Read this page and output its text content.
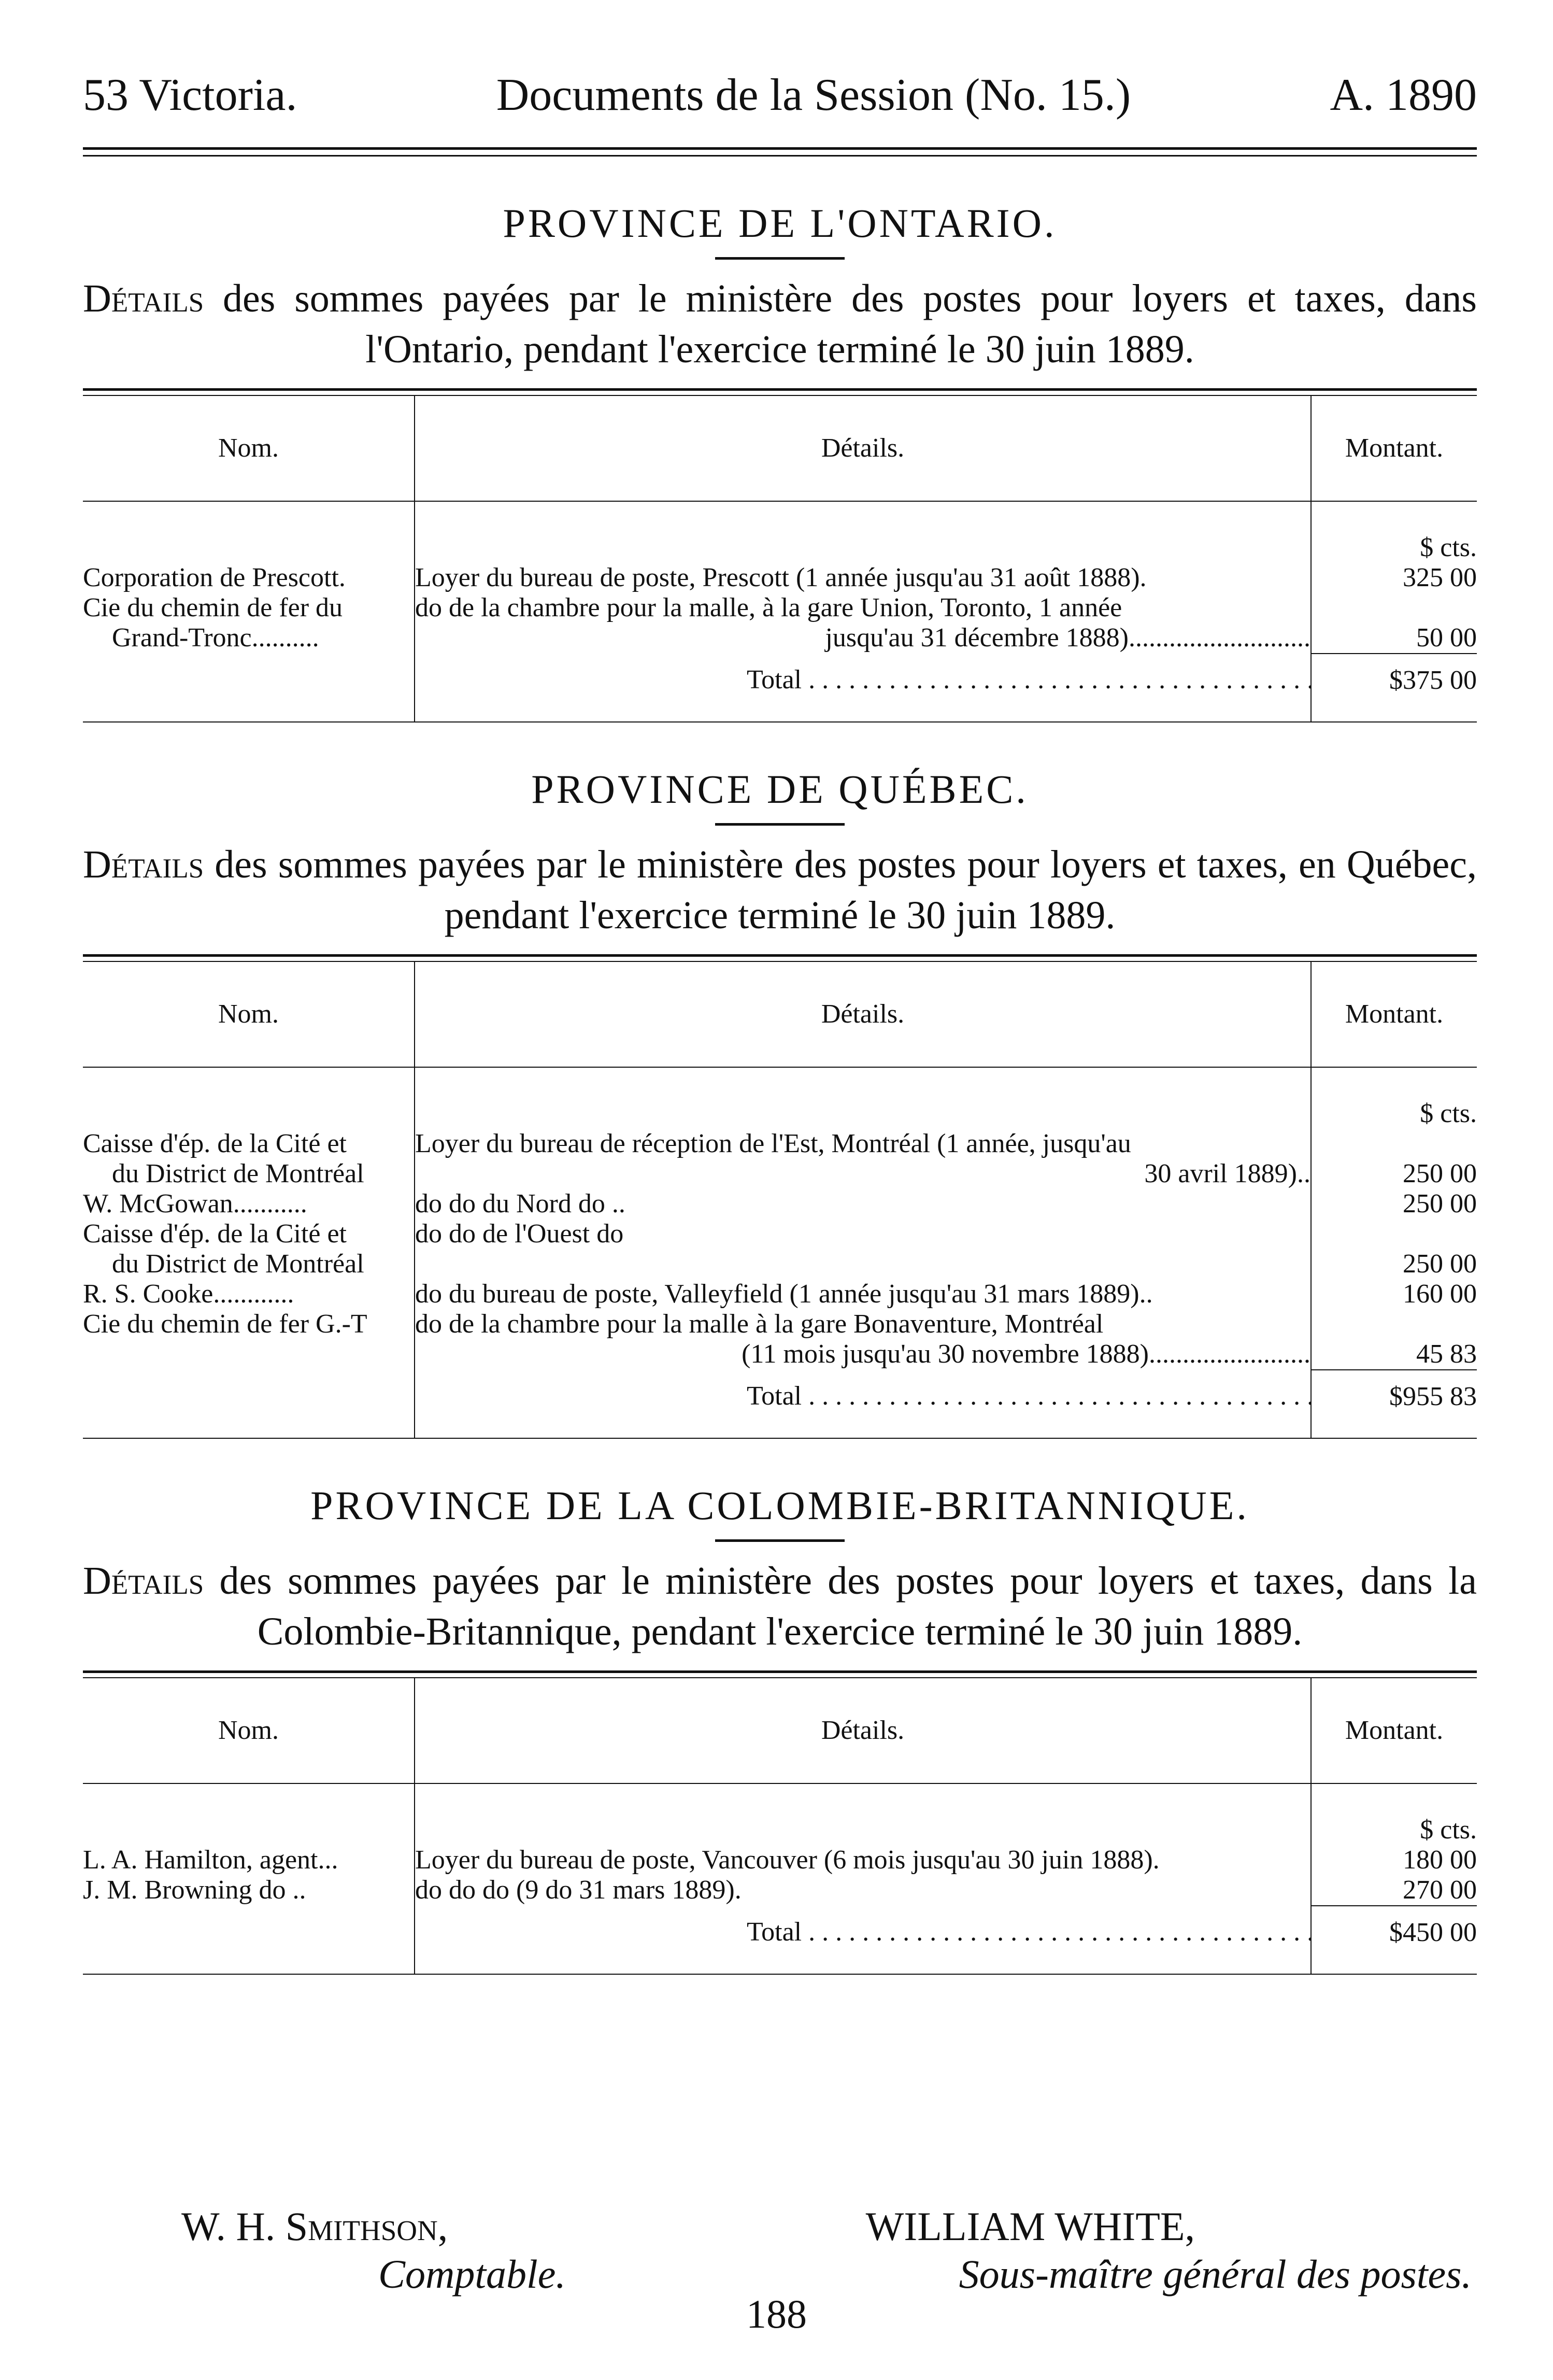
53 Victoria.	Documents de la Session (No. 15.)	A. 1890
PROVINCE DE L'ONTARIO.
Détails des sommes payées par le ministère des postes pour loyers et taxes, dans l'Ontario, pendant l'exercice terminé le 30 juin 1889.
Nom.	Détails.	Montant.

		$ cts.

Corporation de Prescott.	Loyer du bureau de poste, Prescott (1 année jusqu'au 31 août 1888).	325 00

Cie du chemin de fer du
Grand-Tronc..........	do de la chambre pour la malle, à la gare Union, Toronto, 1 année
jusqu'au 31 décembre 1888)...........................	50 00

	Total . . .	$375 00

PROVINCE DE QUÉBEC.
Détails des sommes payées par le ministère des postes pour loyers et taxes, en Québec, pendant l'exercice terminé le 30 juin 1889.
Nom.	Détails.	Montant.

		$ cts.

Caisse d'ép. de la Cité et
du District de Montréal	Loyer du bureau de réception de l'Est, Montréal (1 année, jusqu'au
30 avril 1889)..	250 00

W. McGowan...........	do do du Nord do ..	250 00

Caisse d'ép. de la Cité et
du District de Montréal	do do de l'Ouest do	250 00

R. S. Cooke............	do du bureau de poste, Valleyfield (1 année jusqu'au 31 mars 1889)..	160 00

Cie du chemin de fer G.-T	do de la chambre pour la malle à la gare Bonaventure, Montréal
(11 mois jusqu'au 30 novembre 1888)........................	45 83

	Total . . .	$955 83

PROVINCE DE LA COLOMBIE-BRITANNIQUE.
Détails des sommes payées par le ministère des postes pour loyers et taxes, dans la Colombie-Britannique, pendant l'exercice terminé le 30 juin 1889.
Nom.	Détails.	Montant.

		$ cts.

L. A. Hamilton, agent...	Loyer du bureau de poste, Vancouver (6 mois jusqu'au 30 juin 1888).	180 00

J. M. Browning do ..	do do do (9 do 31 mars 1889).	270 00

	Total . . .	$450 00

W. H. Smithson,
Comptable.
WILLIAM WHITE,
Sous-maître général des postes.
188
